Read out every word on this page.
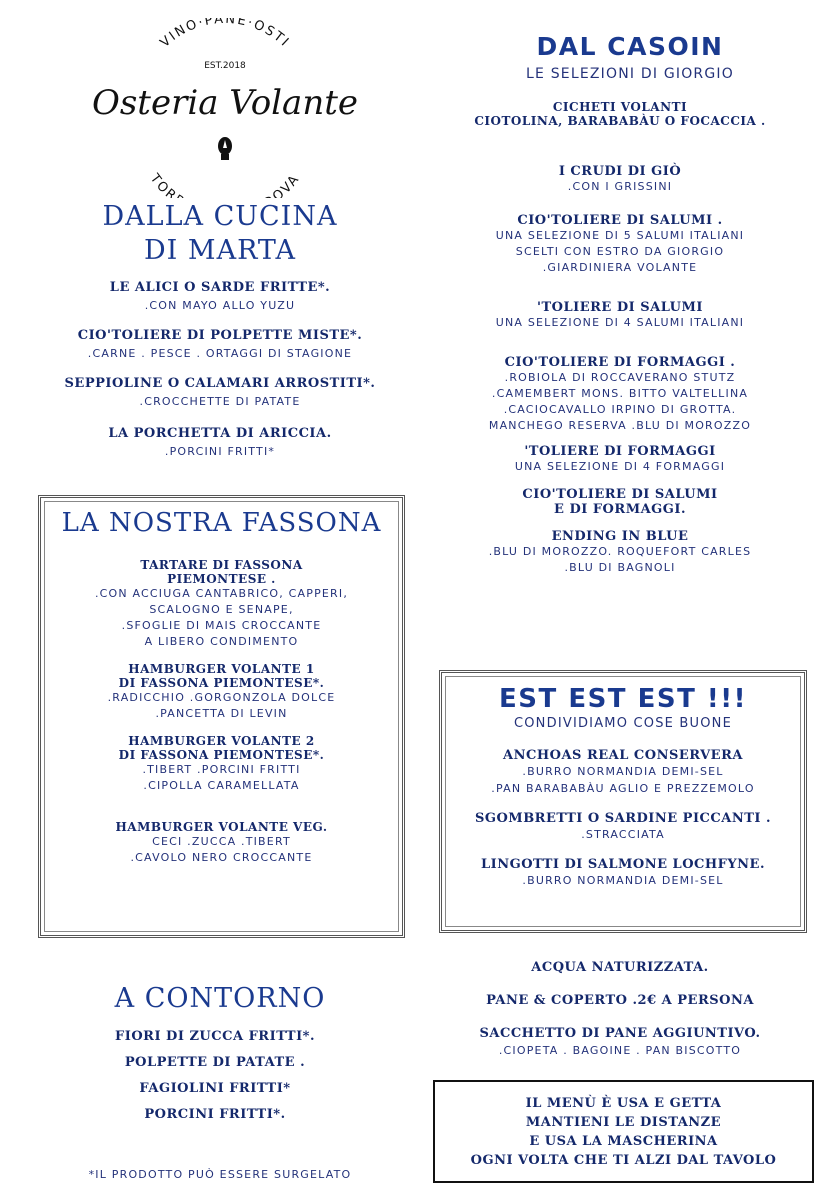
VINO·PANE·OSTI
TOR OVA
EST.2018
Osteria Volante
DALLA CUCINA
DI MARTA
LE ALICI O SARDE FRITTE*.
.CON MAYO ALLO YUZU
CIO'TOLIERE DI POLPETTE MISTE*.
.CARNE . PESCE . ORTAGGI DI STAGIONE
SEPPIOLINE O CALAMARI ARROSTITI*.
.CROCCHETTE DI PATATE
LA PORCHETTA DI ARICCIA.
.PORCINI FRITTI*
LA NOSTRA FASSONA
TARTARE DI FASSONA
PIEMONTESE .
.CON ACCIUGA CANTABRICO, CAPPERI,
SCALOGNO E SENAPE,
.SFOGLIE DI MAIS CROCCANTE
A LIBERO CONDIMENTO
HAMBURGER VOLANTE 1
DI FASSONA PIEMONTESE*.
.RADICCHIO .GORGONZOLA DOLCE
.PANCETTA DI LEVIN
HAMBURGER VOLANTE 2
DI FASSONA PIEMONTESE*.
.TIBERT .PORCINI FRITTI
.CIPOLLA CARAMELLATA
HAMBURGER VOLANTE VEG.
CECI .ZUCCA .TIBERT
.CAVOLO NERO CROCCANTE
A CONTORNO
FIORI DI ZUCCA FRITTI*.
POLPETTE DI PATATE .
FAGIOLINI FRITTI*
PORCINI FRITTI*.
*IL PRODOTTO PUÒ ESSERE SURGELATO
DAL CASOIN
LE SELEZIONI DI GIORGIO
CICHETI VOLANTI
CIOTOLINA, BARABABÀU O FOCACCIA .
I CRUDI DI GIÒ
.CON I GRISSINI
CIO'TOLIERE DI SALUMI .
UNA SELEZIONE DI 5 SALUMI ITALIANI
SCELTI CON ESTRO DA GIORGIO
.GIARDINIERA VOLANTE
'TOLIERE DI SALUMI
UNA SELEZIONE DI 4 SALUMI ITALIANI
CIO'TOLIERE DI FORMAGGI .
.ROBIOLA DI ROCCAVERANO STUTZ
.CAMEMBERT MONS. BITTO VALTELLINA
.CACIOCAVALLO IRPINO DI GROTTA.
MANCHEGO RESERVA .BLU DI MOROZZO
'TOLIERE DI FORMAGGI
UNA SELEZIONE DI 4 FORMAGGI
CIO'TOLIERE DI SALUMI
E DI FORMAGGI.
ENDING IN BLUE
.BLU DI MOROZZO. ROQUEFORT CARLES
.BLU DI BAGNOLI
EST EST EST !!!
CONDIVIDIAMO COSE BUONE
ANCHOAS REAL CONSERVERA
.BURRO NORMANDIA DEMI-SEL
.PAN BARABABÀU AGLIO E PREZZEMOLO
SGOMBRETTI O SARDINE PICCANTI .
.STRACCIATA
LINGOTTI DI SALMONE LOCHFYNE.
.BURRO NORMANDIA DEMI-SEL
ACQUA NATURIZZATA.
PANE & COPERTO .2€ A PERSONA
SACCHETTO DI PANE AGGIUNTIVO.
.CIOPETA . BAGOINE . PAN BISCOTTO
IL MENÙ È USA E GETTA
MANTIENI LE DISTANZE
E USA LA MASCHERINA
OGNI VOLTA CHE TI ALZI DAL TAVOLO
